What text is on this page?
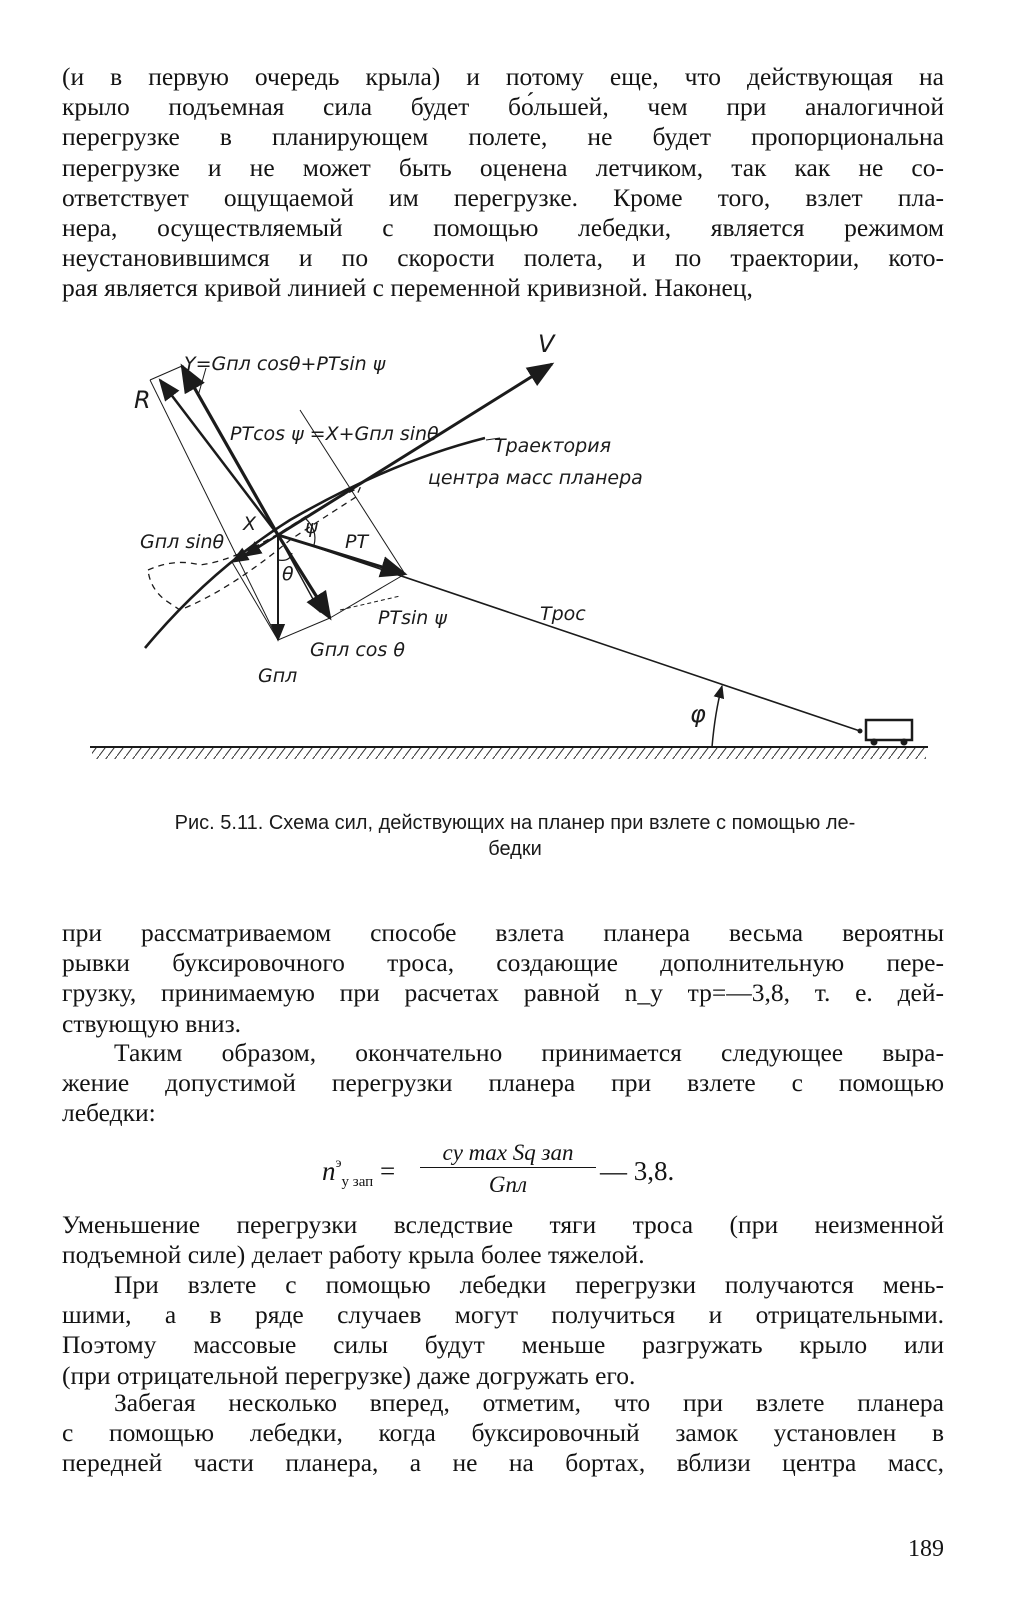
(и в первую очередь крыла) и потому еще, что действующая на
крыло подъемная сила будет бо́льшей, чем при аналогичной
перегрузке в планирующем полете, не будет пропорциональна
перегрузке и не может быть оценена летчиком, так как не со-
ответствует ощущаемой им перегрузке. Кроме того, взлет пла-
нера, осуществляемый с помощью лебедки, является режимом
неустановившимся и по скорости полета, и по траектории, кото-
рая является кривой линией с переменной кривизной. Наконец,
Y=Gпл cosθ+PТsin ψ
R
V
PТcos ψ =X+Gпл sinθ
Траектория
центра масс планера
Gпл sinθ
X	ψ
θ
PТ
PТsin ψ	Трос
Gпл cos θ
Gпл
φ

Рис. 5.11. Схема сил, действующих на планер при взлете с помощью ле-
бедки

при рассматриваемом способе взлета планера весьма вероятны
рывки буксировочного троса, создающие дополнительную пере-
грузку, принимаемую при расчетах равной n_y тр=—3,8, т. е. дей-
ствующую вниз.
Таким образом, окончательно принимается следующее выра-
жение допустимой перегрузки планера при взлете с помощью
лебедки:
$n^э_{y зап}$ =
cy max Sq зап
Gпл	— 3,8.
Уменьшение перегрузки вследствие тяги троса (при неизменной
подъемной силе) делает работу крыла более тяжелой.
При взлете с помощью лебедки перегрузки получаются мень-
шими, а в ряде случаев могут получиться и отрицательными.
Поэтому массовые силы будут меньше разгружать крыло или
(при отрицательной перегрузке) даже догружать его.
Забегая несколько вперед, отметим, что при взлете планера
с помощью лебедки, когда буксировочный замок установлен в
передней части планера, а не на бортах, вблизи центра масс,
189
